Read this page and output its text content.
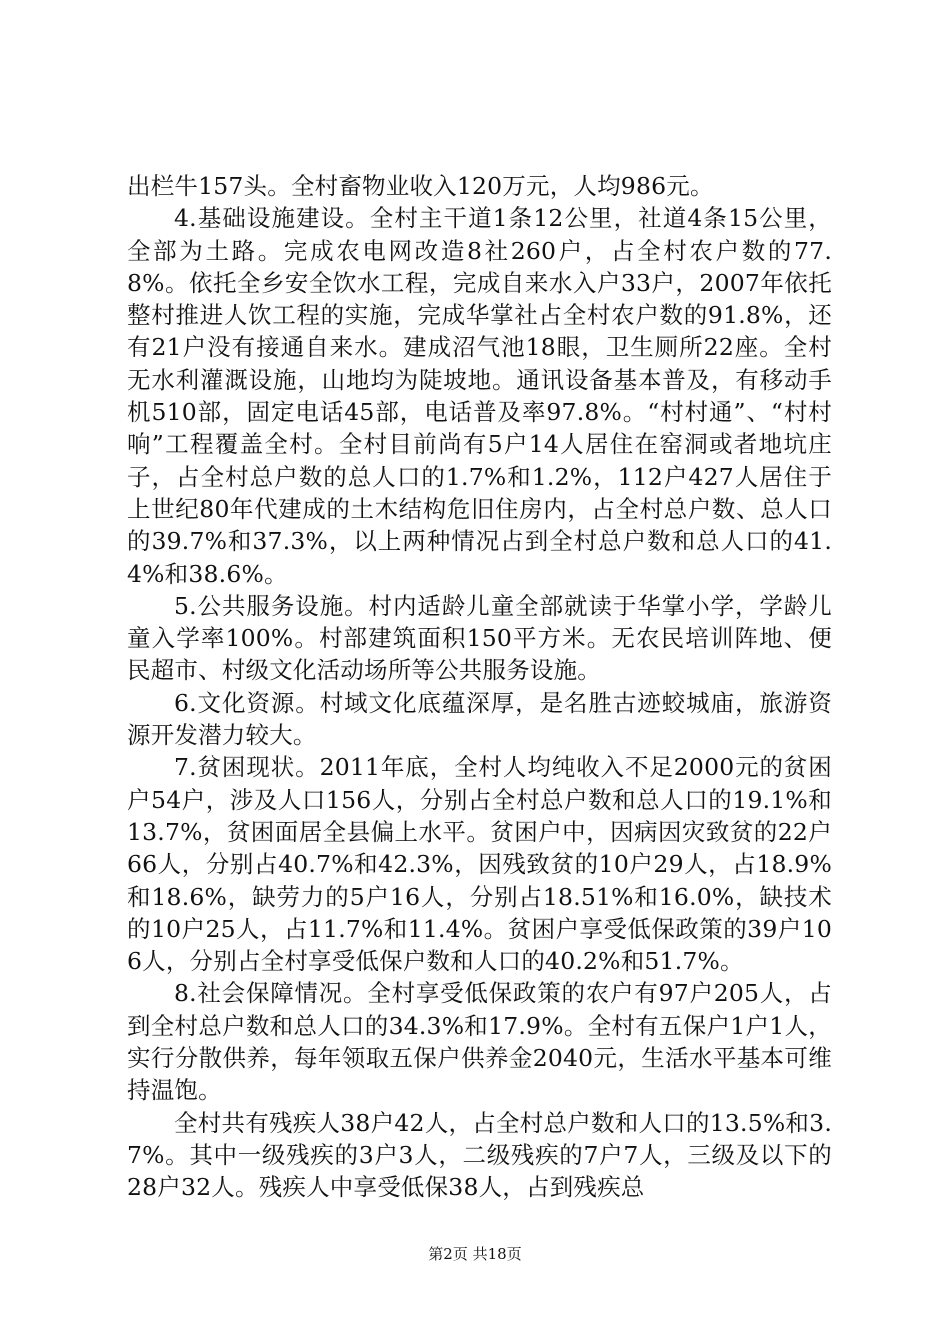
出栏牛157头。全村畜物业收入120万元，人均986元。

4.基础设施建设。全村主干道1条12公里，社道4条15公里，全部为土路。完成农电网改造8社260户，占全村农户数的77.8%。依托全乡安全饮水工程，完成自来水入户33户，2007年依托整村推进人饮工程的实施，完成华掌社占全村农户数的91.8%，还有21户没有接通自来水。建成沼气池18眼，卫生厕所22座。全村无水利灌溉设施，山地均为陡坡地。通讯设备基本普及，有移动手机510部，固定电话45部，电话普及率97.8%。“村村通”、“村村响”工程覆盖全村。全村目前尚有5户14人居住在窑洞或者地坑庄子，占全村总户数的总人口的1.7%和1.2%，112户427人居住于上世纪80年代建成的土木结构危旧住房内，占全村总户数、总人口的39.7%和37.3%，以上两种情况占到全村总户数和总人口的41.4%和38.6%。

5.公共服务设施。村内适龄儿童全部就读于华掌小学，学龄儿童入学率100%。村部建筑面积150平方米。无农民培训阵地、便民超市、村级文化活动场所等公共服务设施。

6.文化资源。村域文化底蕴深厚，是名胜古迹蛟城庙，旅游资源开发潜力较大。

7.贫困现状。2011年底，全村人均纯收入不足2000元的贫困户54户，涉及人口156人，分别占全村总户数和总人口的19.1%和13.7%，贫困面居全县偏上水平。贫困户中，因病因灾致贫的22户66人，分别占40.7%和42.3%，因残致贫的10户29人，占18.9%和18.6%，缺劳力的5户16人，分别占18.51%和16.0%，缺技术的10户25人，占11.7%和11.4%。贫困户享受低保政策的39户106人，分别占全村享受低保户数和人口的40.2%和51.7%。

8.社会保障情况。全村享受低保政策的农户有97户205人，占到全村总户数和总人口的34.3%和17.9%。全村有五保户1户1人，实行分散供养，每年领取五保户供养金2040元，生活水平基本可维持温饱。

全村共有残疾人38户42人，占全村总户数和人口的13.5%和3.7%。其中一级残疾的3户3人，二级残疾的7户7人，三级及以下的28户32人。残疾人中享受低保38人，占到残疾总

第2页 共18页
